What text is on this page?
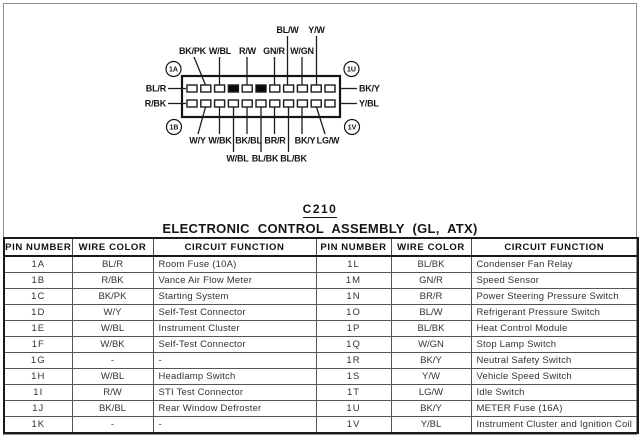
1A	1U
1B	1V
BL/W Y/W
BK/PK W/BL R/W GN/R W/GN
BL/R
R/BK
BK/Y
Y/BL
W/Y W/BK BK/BL BR/R BK/Y LG/W
W/BL BL/BK BL/BK
C210
ELECTRONIC CONTROL ASSEMBLY (GL, ATX)
PIN NUMBER	WIRE COLOR	CIRCUIT FUNCTION	PIN NUMBER	WIRE COLOR	CIRCUIT FUNCTION
1A	BL/R	Room Fuse (10A)	1L	BL/BK	Condenser Fan Relay
1B	R/BK	Vance Air Flow Meter	1M	GN/R	Speed Sensor
1C	BK/PK	Starting System	1N	BR/R	Power Steering Pressure Switch
1D	W/Y	Self-Test Connector	1O	BL/W	Refrigerant Pressure Switch
1E	W/BL	Instrument Cluster	1P	BL/BK	Heat Control Module
1F	W/BK	Self-Test Connector	1Q	W/GN	Stop Lamp Switch
1G	-	-	1R	BK/Y	Neutral Safety Switch
1H	W/BL	Headlamp Switch	1S	Y/W	Vehicle Speed Switch
1I	R/W	STI Test Connector	1T	LG/W	Idle Switch
1J	BK/BL	Rear Window Defroster	1U	BK/Y	METER Fuse (16A)
1K	-	-	1V	Y/BL	Instrument Cluster and Ignition Coil
